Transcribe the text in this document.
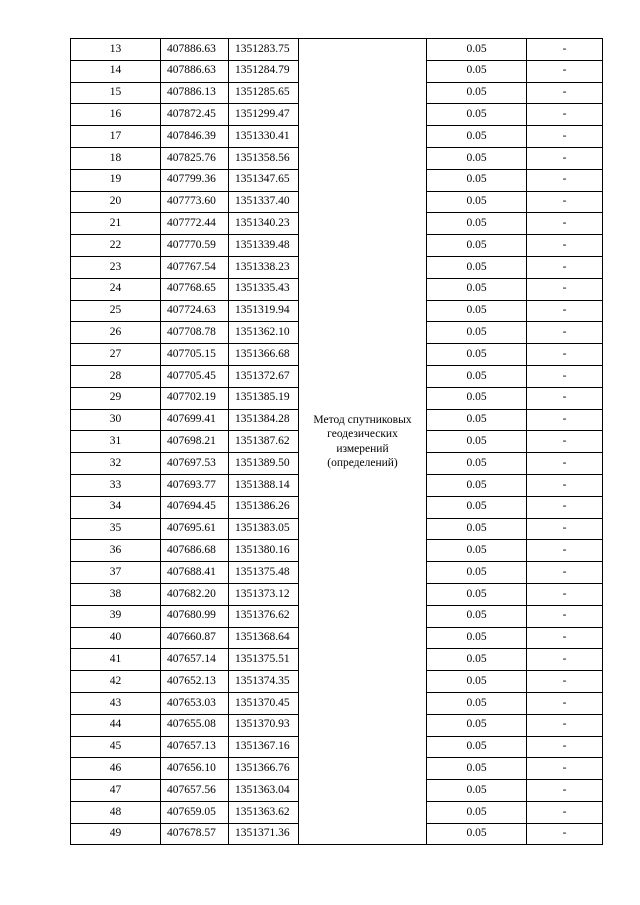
13	407886.63	1351283.75	Метод спутниковых геодезических измерений (определений)	0.05	-
14	407886.63	1351284.79		0.05	-
15	407886.13	1351285.65		0.05	-
16	407872.45	1351299.47		0.05	-
17	407846.39	1351330.41		0.05	-
18	407825.76	1351358.56		0.05	-
19	407799.36	1351347.65		0.05	-
20	407773.60	1351337.40		0.05	-
21	407772.44	1351340.23		0.05	-
22	407770.59	1351339.48		0.05	-
23	407767.54	1351338.23		0.05	-
24	407768.65	1351335.43		0.05	-
25	407724.63	1351319.94		0.05	-
26	407708.78	1351362.10		0.05	-
27	407705.15	1351366.68		0.05	-
28	407705.45	1351372.67		0.05	-
29	407702.19	1351385.19		0.05	-
30	407699.41	1351384.28		0.05	-
31	407698.21	1351387.62		0.05	-
32	407697.53	1351389.50		0.05	-
33	407693.77	1351388.14		0.05	-
34	407694.45	1351386.26		0.05	-
35	407695.61	1351383.05		0.05	-
36	407686.68	1351380.16		0.05	-
37	407688.41	1351375.48		0.05	-
38	407682.20	1351373.12		0.05	-
39	407680.99	1351376.62		0.05	-
40	407660.87	1351368.64		0.05	-
41	407657.14	1351375.51		0.05	-
42	407652.13	1351374.35		0.05	-
43	407653.03	1351370.45		0.05	-
44	407655.08	1351370.93		0.05	-
45	407657.13	1351367.16		0.05	-
46	407656.10	1351366.76		0.05	-
47	407657.56	1351363.04		0.05	-
48	407659.05	1351363.62		0.05	-
49	407678.57	1351371.36		0.05	-
